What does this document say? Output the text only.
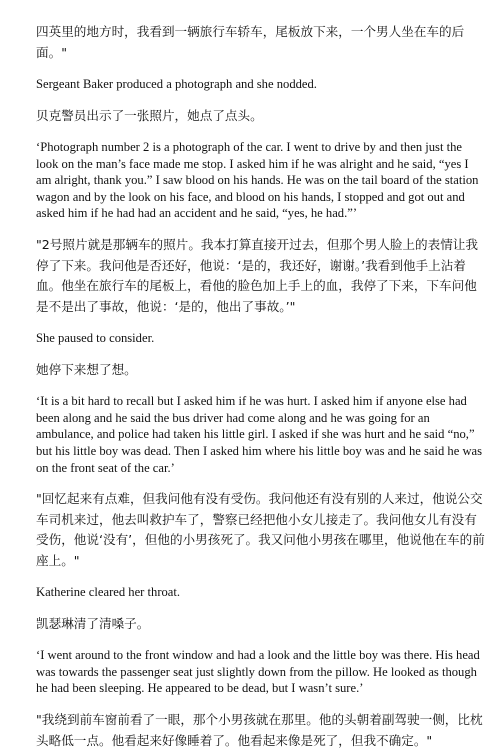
四英里的地方时，我看到一辆旅行车轿车，尾板放下来，一个男人坐在车的后面。"

Sergeant Baker produced a photograph and she nodded.

贝克警员出示了一张照片，她点了点头。

‘Photograph number 2 is a photograph of the car. I went to drive by and then just the look on the man’s face made me stop. I asked him if he was alright and he said, “yes I am alright, thank you.” I saw blood on his hands. He was on the tail board of the station wagon and by the look on his face, and blood on his hands, I stopped and got out and asked him if he had had an accident and he said, “yes, he had.”’

"2号照片就是那辆车的照片。我本打算直接开过去，但那个男人脸上的表情让我停了下来。我问他是否还好，他说：‘是的，我还好，谢谢。’我看到他手上沾着血。他坐在旅行车的尾板上，看他的脸色加上手上的血，我停了下来，下车问他是不是出了事故，他说：‘是的，他出了事故。’"

She paused to consider.

她停下来想了想。

‘It is a bit hard to recall but I asked him if he was hurt. I asked him if anyone else had been along and he said the bus driver had come along and he was going for an ambulance, and police had taken his little girl. I asked if she was hurt and he said “no,” but his little boy was dead. Then I asked him where his little boy was and he said he was on the front seat of the car.’

"回忆起来有点难，但我问他有没有受伤。我问他还有没有别的人来过，他说公交车司机来过，他去叫救护车了，警察已经把他小女儿接走了。我问他女儿有没有受伤，他说‘没有’，但他的小男孩死了。我又问他小男孩在哪里，他说他在车的前座上。"

Katherine cleared her throat.

凯瑟琳清了清嗓子。

‘I went around to the front window and had a look and the little boy was there. His head was towards the passenger seat just slightly down from the pillow. He looked as though he had been sleeping. He appeared to be dead, but I wasn’t sure.’

"我绕到前车窗前看了一眼，那个小男孩就在那里。他的头朝着副驾驶一侧，比枕头略低一点。他看起来好像睡着了。他看起来像是死了，但我不确定。"
